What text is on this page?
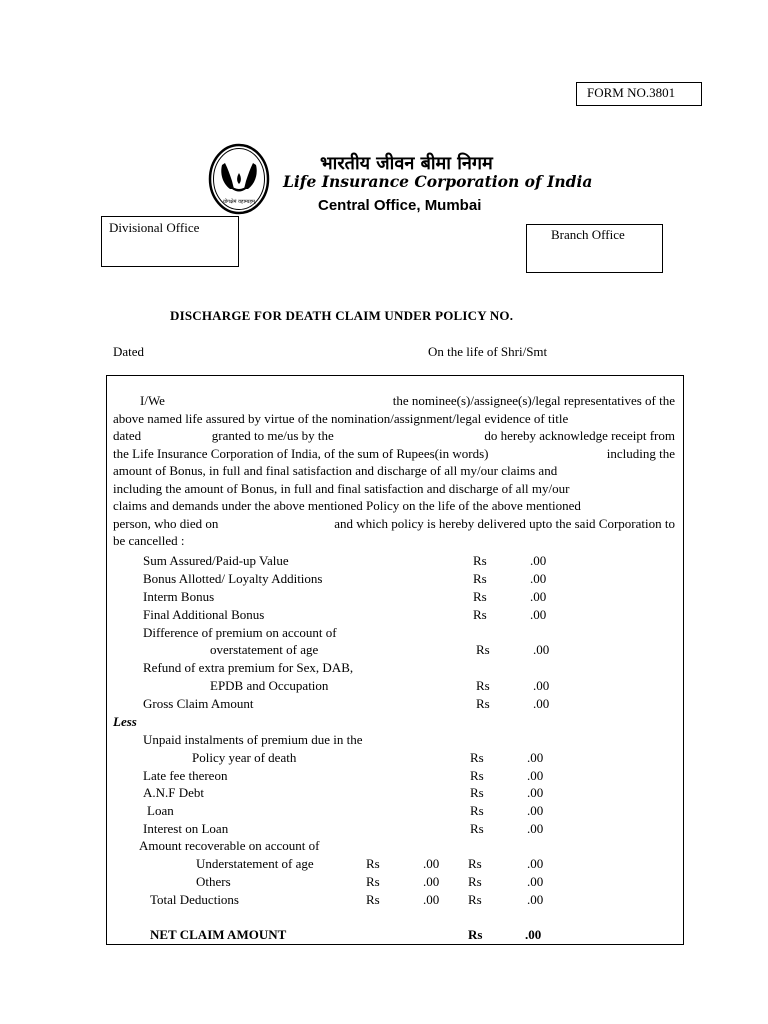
FORM NO.3801
योगक्षेमं वहाम्यहम्
भारतीय जीवन बीमा निगम
Life Insurance Corporation of India
Central Office, Mumbai
Divisional Office	Branch Office
DISCHARGE FOR DEATH CLAIM UNDER POLICY NO.
Dated	On the life of Shri/Smt
I/We	the nominee(s)/assignee(s)/legal representatives of the
above named life assured by virtue of the nomination/assignment/legal evidence of title
dated	granted to me/us by the	do hereby acknowledge receipt from
the Life Insurance Corporation of India, of the sum of Rupees(in words)	including the
amount of Bonus, in full and final satisfaction and discharge of all my/our claims and
including the amount of Bonus, in full and final satisfaction and discharge of all my/our
claims and demands under the above mentioned Policy on the life of the above mentioned
person, who died on	and which policy is hereby delivered upto the said Corporation to
be cancelled :
Sum Assured/Paid-up Value	Rs	.00
Bonus Allotted/ Loyalty Additions	Rs	.00
Interm Bonus	Rs	.00
Final Additional Bonus	Rs	.00
Difference of premium on account of
overstatement of age	Rs	.00
Refund of extra premium for Sex, DAB,
EPDB and Occupation	Rs	.00
Gross Claim Amount	Rs	.00
Less
Unpaid instalments of premium due in the
Policy year of death	Rs	.00
Late fee thereon	Rs	.00
A.N.F Debt	Rs	.00
Loan	Rs	.00
Interest on Loan	Rs	.00
Amount recoverable on account of
Understatement of age	Rs	.00 Rs	.00
Others	Rs	.00 Rs	.00
Total Deductions	Rs	.00 Rs	.00
NET CLAIM AMOUNT	Rs	.00
